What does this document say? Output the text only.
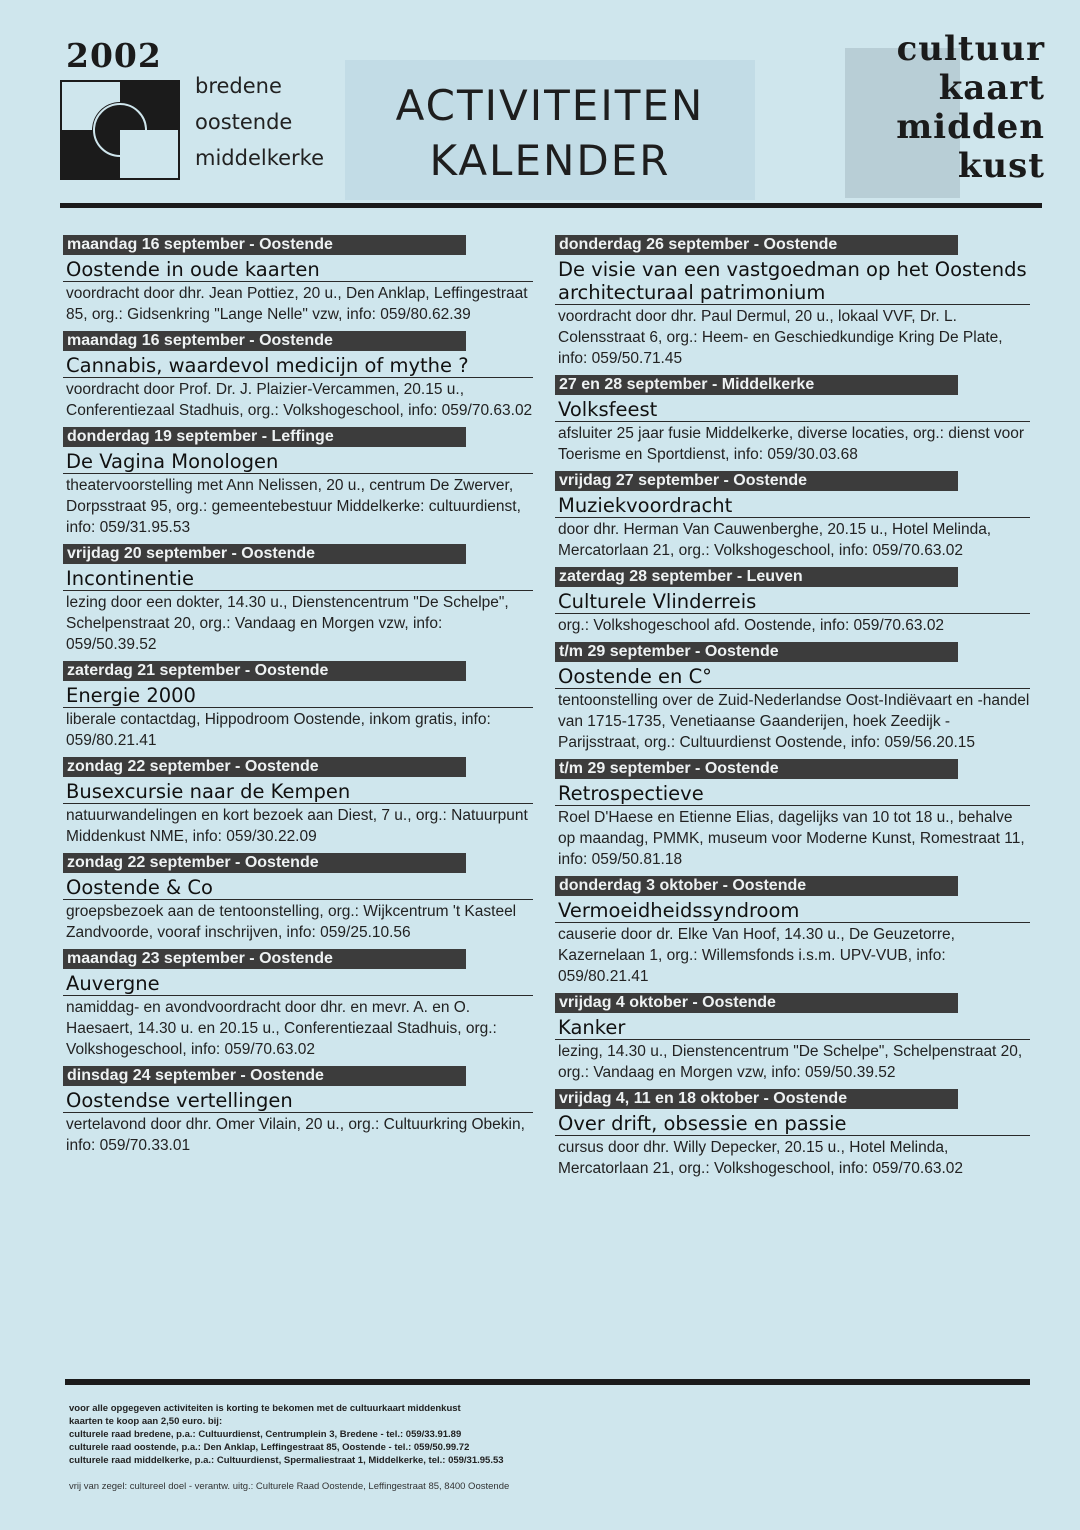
2002
bredene
oostende
middelkerke
ACTIVITEITEN
KALENDER
cultuur
kaart
midden
kust
maandag 16 september - Oostende
Oostende in oude kaarten
voordracht door dhr. Jean Pottiez, 20 u., Den Anklap, Leffingestraat 85, org.: Gidsenkring "Lange Nelle" vzw, info: 059/80.62.39
maandag 16 september - Oostende
Cannabis, waardevol medicijn of mythe ?
voordracht door Prof. Dr. J. Plaizier-Vercammen, 20.15 u., Conferentiezaal Stadhuis, org.: Volkshogeschool, info: 059/70.63.02
donderdag 19 september - Leffinge
De Vagina Monologen
theatervoorstelling met Ann Nelissen, 20 u., centrum De Zwerver, Dorpsstraat 95, org.: gemeentebestuur Middelkerke: cultuurdienst, info: 059/31.95.53
vrijdag 20 september - Oostende
Incontinentie
lezing door een dokter, 14.30 u., Dienstencentrum "De Schelpe", Schelpenstraat 20, org.: Vandaag en Morgen vzw, info: 059/50.39.52
zaterdag 21 september - Oostende
Energie 2000
liberale contactdag, Hippodroom Oostende, inkom gratis, info: 059/80.21.41
zondag 22 september - Oostende
Busexcursie naar de Kempen
natuurwandelingen en kort bezoek aan Diest, 7 u., org.: Natuurpunt Middenkust NME, info: 059/30.22.09
zondag 22 september - Oostende
Oostende & Co
groepsbezoek aan de tentoonstelling, org.: Wijkcentrum 't Kasteel Zandvoorde, vooraf inschrijven, info: 059/25.10.56
maandag 23 september - Oostende
Auvergne
namiddag- en avondvoordracht door dhr. en mevr. A. en O. Haesaert, 14.30 u. en 20.15 u., Conferentiezaal Stadhuis, org.: Volkshogeschool, info: 059/70.63.02
dinsdag 24 september - Oostende
Oostendse vertellingen
vertelavond door dhr. Omer Vilain, 20 u., org.: Cultuurkring Obekin, info: 059/70.33.01
donderdag 26 september - Oostende
De visie van een vastgoedman op het Oostends architecturaal patrimonium
voordracht door dhr. Paul Dermul, 20 u., lokaal VVF, Dr. L. Colensstraat 6, org.: Heem- en Geschiedkundige Kring De Plate, info: 059/50.71.45
27 en 28 september - Middelkerke
Volksfeest
afsluiter 25 jaar fusie Middelkerke, diverse locaties, org.: dienst voor Toerisme en Sportdienst, info: 059/30.03.68
vrijdag 27 september - Oostende
Muziekvoordracht
door dhr. Herman Van Cauwenberghe, 20.15 u., Hotel Melinda, Mercatorlaan 21, org.: Volkshogeschool, info: 059/70.63.02
zaterdag 28 september - Leuven
Culturele Vlinderreis
org.: Volkshogeschool afd. Oostende, info: 059/70.63.02
t/m 29 september - Oostende
Oostende en C°
tentoonstelling over de Zuid-Nederlandse Oost-Indiëvaart en -handel van 1715-1735, Venetiaanse Gaanderijen, hoek Zeedijk - Parijsstraat, org.: Cultuurdienst Oostende, info: 059/56.20.15
t/m 29 september - Oostende
Retrospectieve
Roel D'Haese en Etienne Elias, dagelijks van 10 tot 18 u., behalve op maandag, PMMK, museum voor Moderne Kunst, Romestraat 11, info: 059/50.81.18
donderdag 3 oktober - Oostende
Vermoeidheidssyndroom
causerie door dr. Elke Van Hoof, 14.30 u., De Geuzetorre, Kazernelaan 1, org.: Willemsfonds i.s.m. UPV-VUB, info: 059/80.21.41
vrijdag 4 oktober - Oostende
Kanker
lezing, 14.30 u., Dienstencentrum "De Schelpe", Schelpenstraat 20, org.: Vandaag en Morgen vzw, info: 059/50.39.52
vrijdag 4, 11 en 18 oktober - Oostende
Over drift, obsessie en passie
cursus door dhr. Willy Depecker, 20.15 u., Hotel Melinda, Mercatorlaan 21, org.: Volkshogeschool, info: 059/70.63.02
voor alle opgegeven activiteiten is korting te bekomen met de cultuurkaart middenkust
kaarten te koop aan 2,50 euro. bij:
culturele raad bredene, p.a.: Cultuurdienst, Centrumplein 3, Bredene - tel.: 059/33.91.89
culturele raad oostende, p.a.: Den Anklap, Leffingestraat 85, Oostende - tel.: 059/50.99.72
culturele raad middelkerke, p.a.: Cultuurdienst, Spermaliestraat 1, Middelkerke, tel.: 059/31.95.53
vrij van zegel: cultureel doel - verantw. uitg.: Culturele Raad Oostende, Leffingestraat 85, 8400 Oostende
